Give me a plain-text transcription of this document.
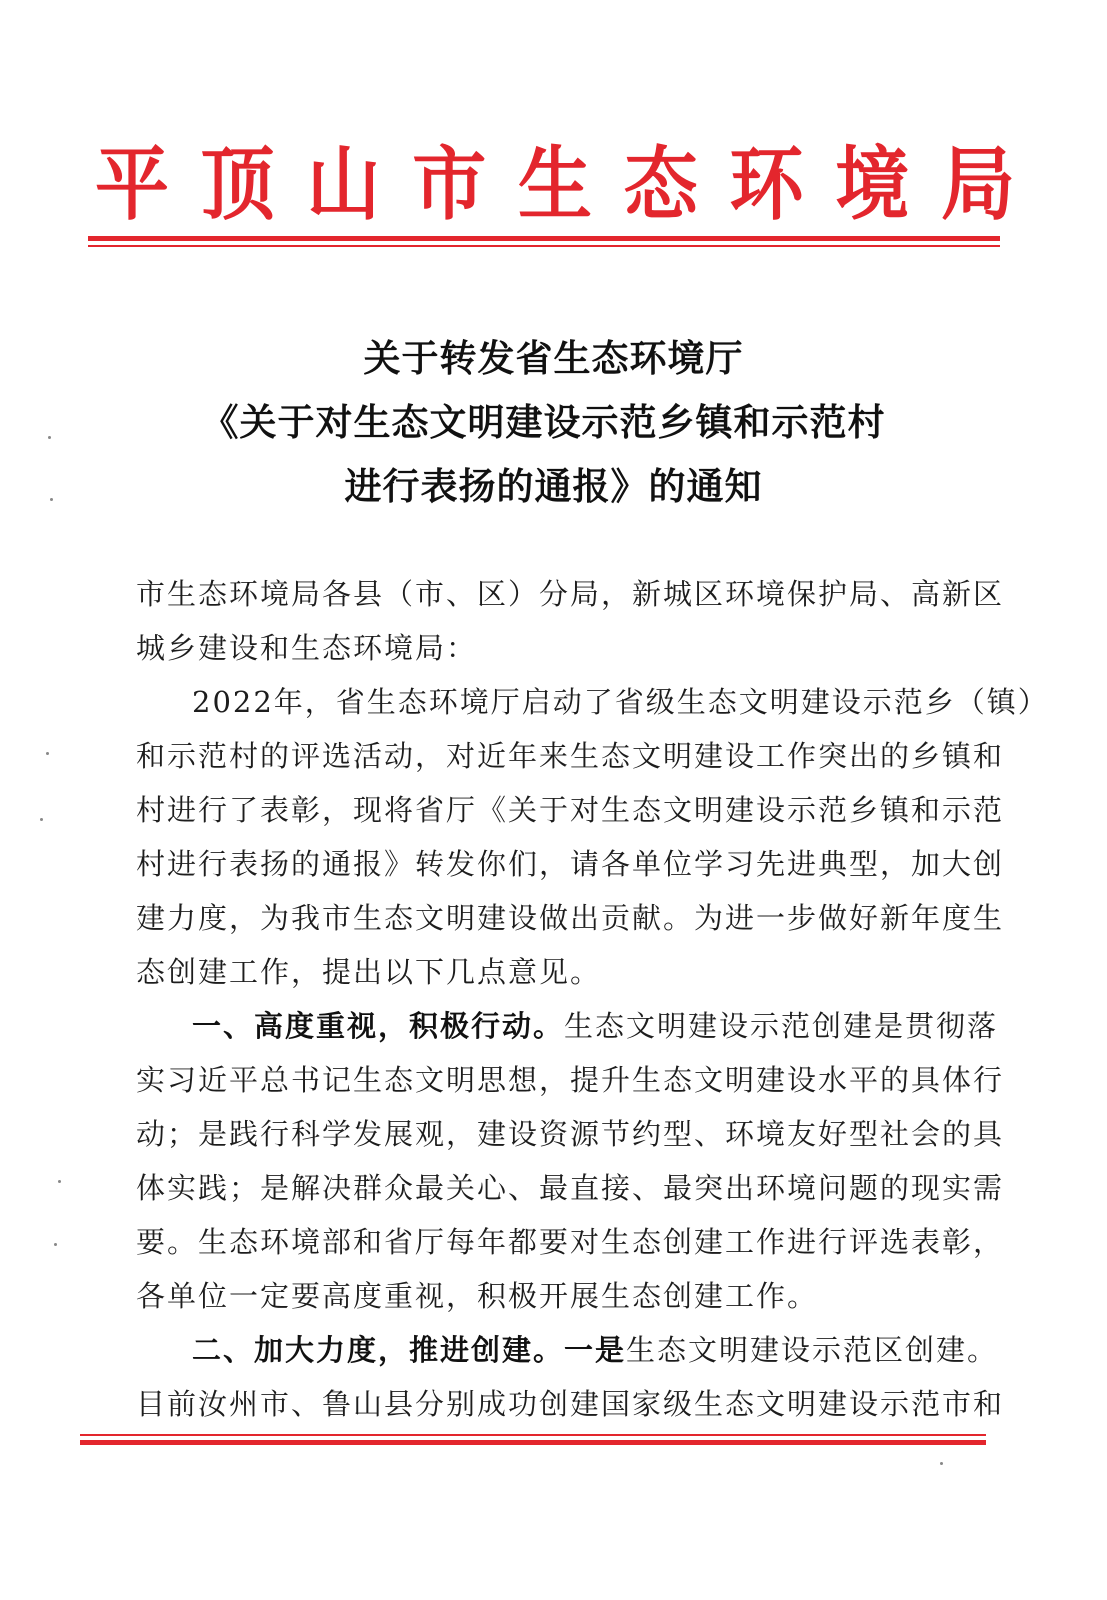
平 顶 山 市 生 态 环 境 局
关于转发省生态环境厅
《关于对生态文明建设示范乡镇和示范村
进行表扬的通报》的通知
市生态环境局各县（市、区）分局，新城区环境保护局、高新区
城乡建设和生态环境局：
2022年，省生态环境厅启动了省级生态文明建设示范乡（镇）
和示范村的评选活动，对近年来生态文明建设工作突出的乡镇和
村进行了表彰，现将省厅《关于对生态文明建设示范乡镇和示范
村进行表扬的通报》转发你们，请各单位学习先进典型，加大创
建力度，为我市生态文明建设做出贡献。为进一步做好新年度生
态创建工作，提出以下几点意见。
一、高度重视，积极行动。生态文明建设示范创建是贯彻落
实习近平总书记生态文明思想，提升生态文明建设水平的具体行
动；是践行科学发展观，建设资源节约型、环境友好型社会的具
体实践；是解决群众最关心、最直接、最突出环境问题的现实需
要。生态环境部和省厅每年都要对生态创建工作进行评选表彰，
各单位一定要高度重视，积极开展生态创建工作。
二、加大力度，推进创建。一是生态文明建设示范区创建。
目前汝州市、鲁山县分别成功创建国家级生态文明建设示范市和
